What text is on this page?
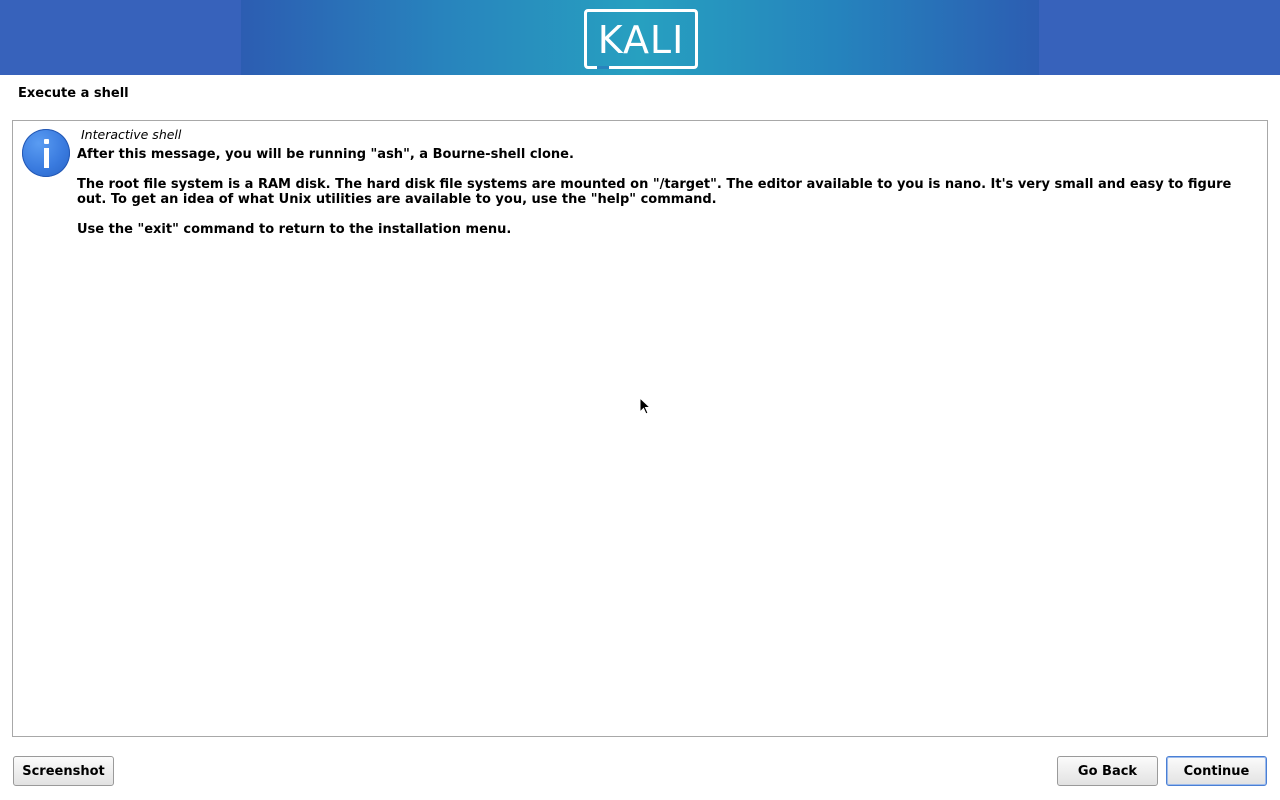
KALI
Execute a shell
Interactive shell

After this message, you will be running "ash", a Bourne-shell clone.

The root file system is a RAM disk. The hard disk file systems are mounted on "/target". The editor available to you is nano. It's very small and easy to figure out. To get an idea of what Unix utilities are available to you, use the "help" command.

Use the "exit" command to return to the installation menu.

Screenshot	Go Back	Continue
